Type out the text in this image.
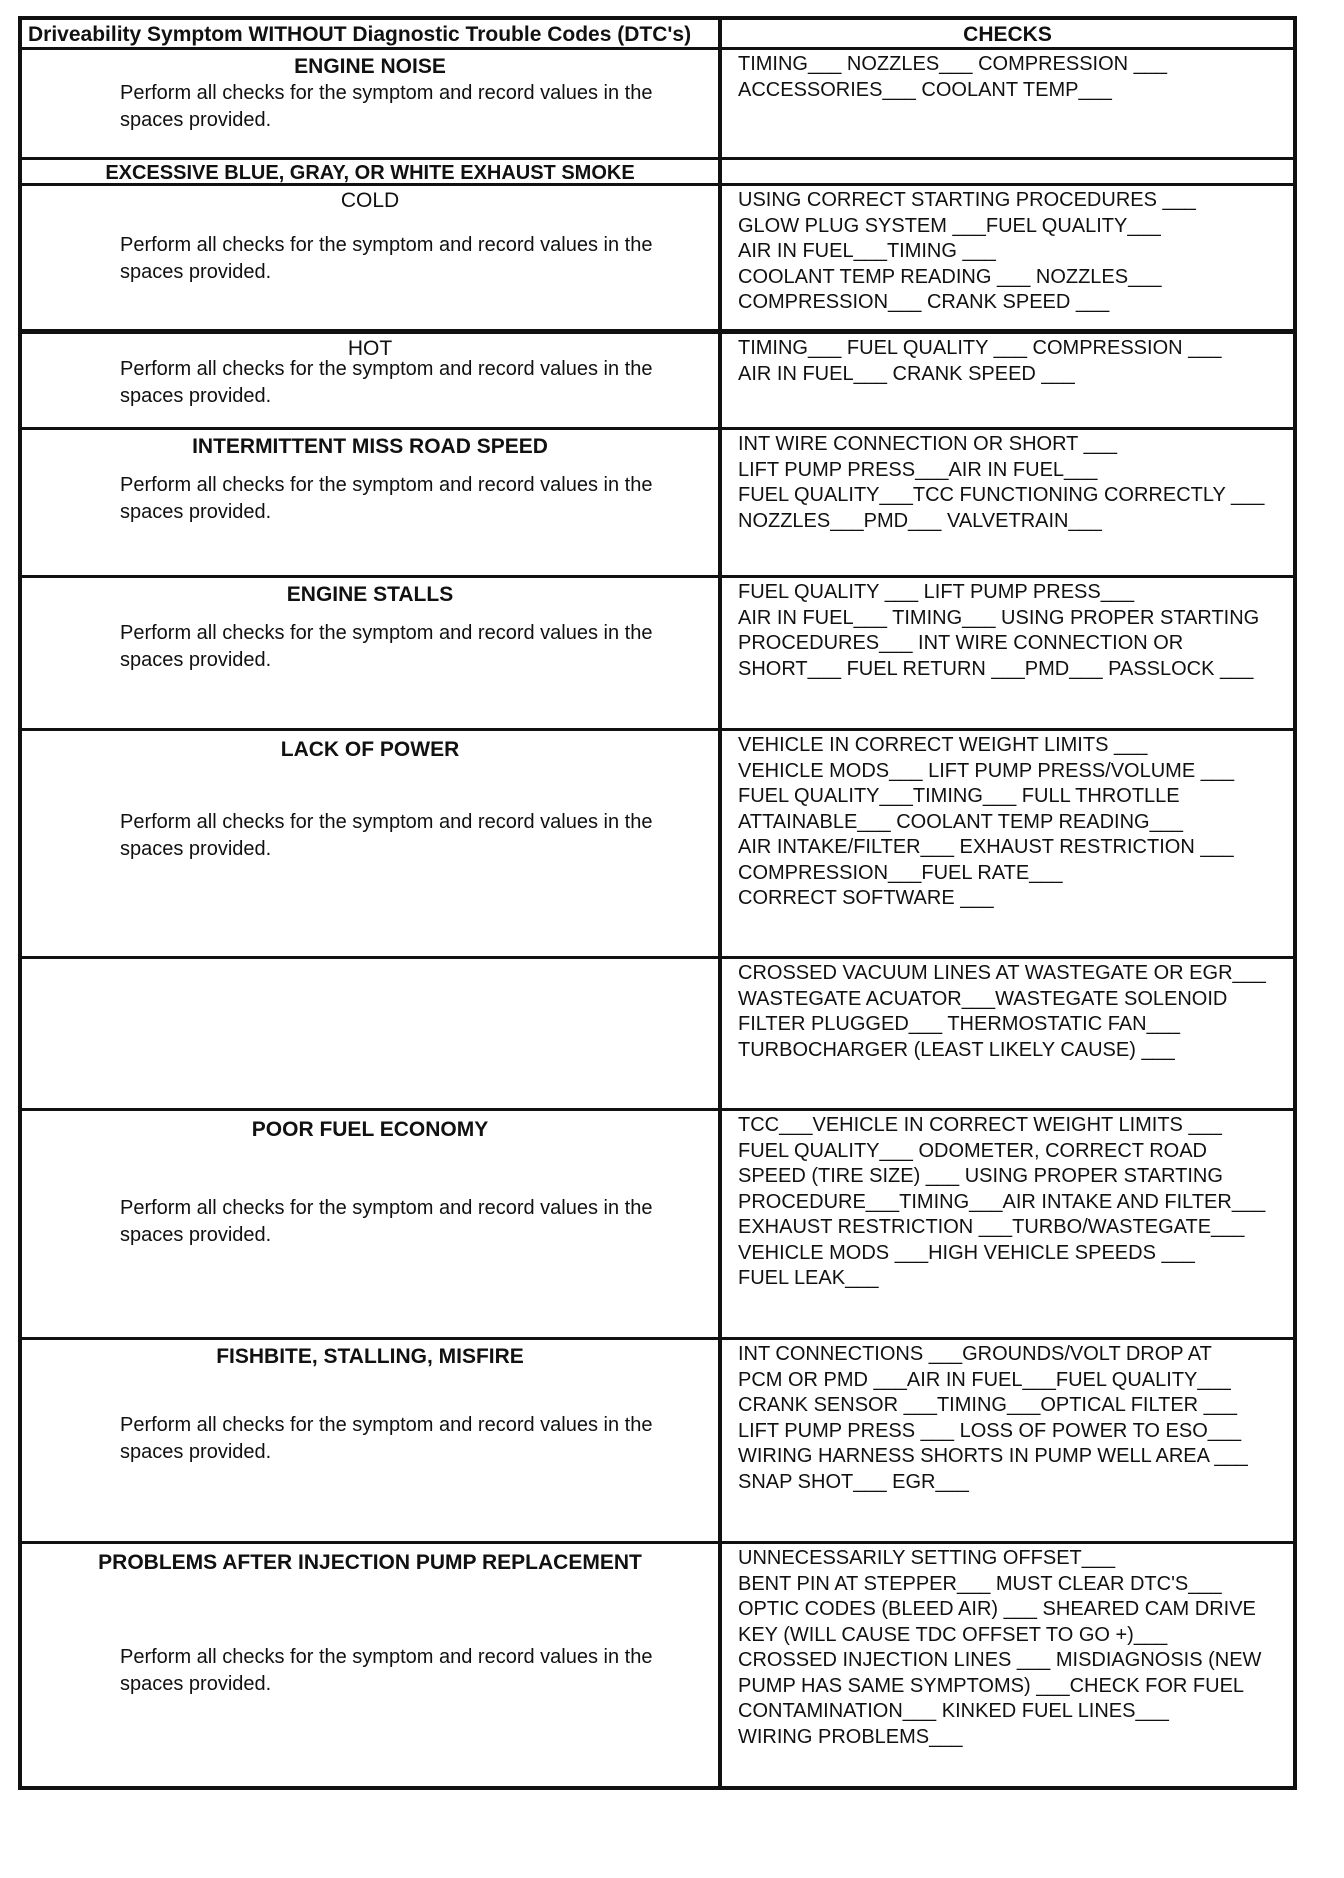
Driveability Symptom WITHOUT Diagnostic Trouble Codes (DTC's)	CHECKS
ENGINE NOISE
Perform all checks for the symptom and record values in the spaces provided.
TIMING___ NOZZLES___ COMPRESSION ___
ACCESSORIES___ COOLANT TEMP___
EXCESSIVE BLUE, GRAY, OR WHITE EXHAUST SMOKE
COLD
Perform all checks for the symptom and record values in the spaces provided.
USING CORRECT STARTING PROCEDURES ___
GLOW PLUG SYSTEM ___FUEL QUALITY___
AIR IN FUEL___TIMING ___
COOLANT TEMP READING ___ NOZZLES___
COMPRESSION___ CRANK SPEED ___
HOT
Perform all checks for the symptom and record values in the spaces provided.
TIMING___ FUEL QUALITY ___ COMPRESSION ___
AIR IN FUEL___ CRANK SPEED ___
INTERMITTENT MISS ROAD SPEED
Perform all checks for the symptom and record values in the spaces provided.
INT WIRE CONNECTION OR SHORT ___
LIFT PUMP PRESS___AIR IN FUEL___
FUEL QUALITY___TCC FUNCTIONING CORRECTLY ___
NOZZLES___PMD___ VALVETRAIN___
ENGINE STALLS
Perform all checks for the symptom and record values in the spaces provided.
FUEL QUALITY ___ LIFT PUMP PRESS___
AIR IN FUEL___ TIMING___ USING PROPER STARTING
PROCEDURES___ INT WIRE CONNECTION OR
SHORT___ FUEL RETURN ___PMD___ PASSLOCK ___
LACK OF POWER
Perform all checks for the symptom and record values in the spaces provided.
VEHICLE IN CORRECT WEIGHT LIMITS ___
VEHICLE MODS___ LIFT PUMP PRESS/VOLUME ___
FUEL QUALITY___TIMING___ FULL THROTLLE
ATTAINABLE___ COOLANT TEMP READING___
AIR INTAKE/FILTER___ EXHAUST RESTRICTION ___
COMPRESSION___FUEL RATE___
CORRECT SOFTWARE ___
CROSSED VACUUM LINES AT WASTEGATE OR EGR___
WASTEGATE ACUATOR___WASTEGATE SOLENOID
FILTER PLUGGED___ THERMOSTATIC FAN___
TURBOCHARGER (LEAST LIKELY CAUSE) ___
POOR FUEL ECONOMY
Perform all checks for the symptom and record values in the spaces provided.
TCC___VEHICLE IN CORRECT WEIGHT LIMITS ___
FUEL QUALITY___ ODOMETER, CORRECT ROAD
SPEED (TIRE SIZE) ___ USING PROPER STARTING
PROCEDURE___TIMING___AIR INTAKE AND FILTER___
EXHAUST RESTRICTION ___TURBO/WASTEGATE___
VEHICLE MODS ___HIGH VEHICLE SPEEDS ___
FUEL LEAK___
FISHBITE, STALLING, MISFIRE
Perform all checks for the symptom and record values in the spaces provided.
INT CONNECTIONS ___GROUNDS/VOLT DROP AT
PCM OR PMD ___AIR IN FUEL___FUEL QUALITY___
CRANK SENSOR ___TIMING___OPTICAL FILTER ___
LIFT PUMP PRESS ___ LOSS OF POWER TO ESO___
WIRING HARNESS SHORTS IN PUMP WELL AREA ___
SNAP SHOT___ EGR___
PROBLEMS AFTER INJECTION PUMP REPLACEMENT
Perform all checks for the symptom and record values in the spaces provided.
UNNECESSARILY SETTING OFFSET___
BENT PIN AT STEPPER___ MUST CLEAR DTC'S___
OPTIC CODES (BLEED AIR) ___ SHEARED CAM DRIVE
KEY (WILL CAUSE TDC OFFSET TO GO +)___
CROSSED INJECTION LINES ___ MISDIAGNOSIS (NEW
PUMP HAS SAME SYMPTOMS) ___CHECK FOR FUEL
CONTAMINATION___ KINKED FUEL LINES___
WIRING PROBLEMS___
